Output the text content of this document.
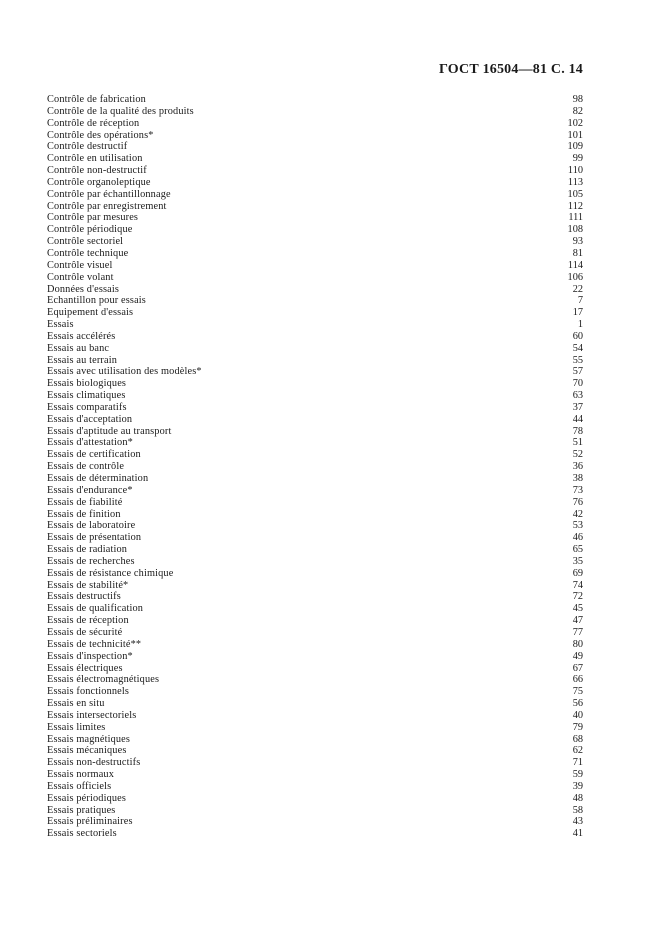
ГОСТ 16504—81 С. 14
Contrôle de fabrication	98
Contrôle de la qualité des produits	82
Contrôle de réception	102
Contrôle des opérations*	101
Contrôle destructif	109
Contrôle en utilisation	99
Contrôle non-destructif	110
Contrôle organoleptique	113
Contrôle par échantillonnage	105
Contrôle par enregistrement	112
Contrôle par mesures	111
Contrôle périodique	108
Contrôle sectoriel	93
Contrôle technique	81
Contrôle visuel	114
Contrôle volant	106
Données d'essais	22
Echantillon pour essais	7
Equipement d'essais	17
Essais	1
Essais accélérés	60
Essais au banc	54
Essais au terrain	55
Essais avec utilisation des modèles*	57
Essais biologiques	70
Essais climatiques	63
Essais comparatifs	37
Essais d'acceptation	44
Essais d'aptitude au transport	78
Essais d'attestation*	51
Essais de certification	52
Essais de contrôle	36
Essais de détermination	38
Essais d'endurance*	73
Essais de fiabilité	76
Essais de finition	42
Essais de laboratoire	53
Essais de présentation	46
Essais de radiation	65
Essais de recherches	35
Essais de résistance chimique	69
Essais de stabilité*	74
Essais destructifs	72
Essais de qualification	45
Essais de réception	47
Essais de sécurité	77
Essais de technicité**	80
Essais d'inspection*	49
Essais électriques	67
Essais électromagnétiques	66
Essais fonctionnels	75
Essais en situ	56
Essais intersectoriels	40
Essais limites	79
Essais magnétiques	68
Essais mécaniques	62
Essais non-destructifs	71
Essais normaux	59
Essais officiels	39
Essais périodiques	48
Essais pratiques	58
Essais préliminaires	43
Essais sectoriels	41
